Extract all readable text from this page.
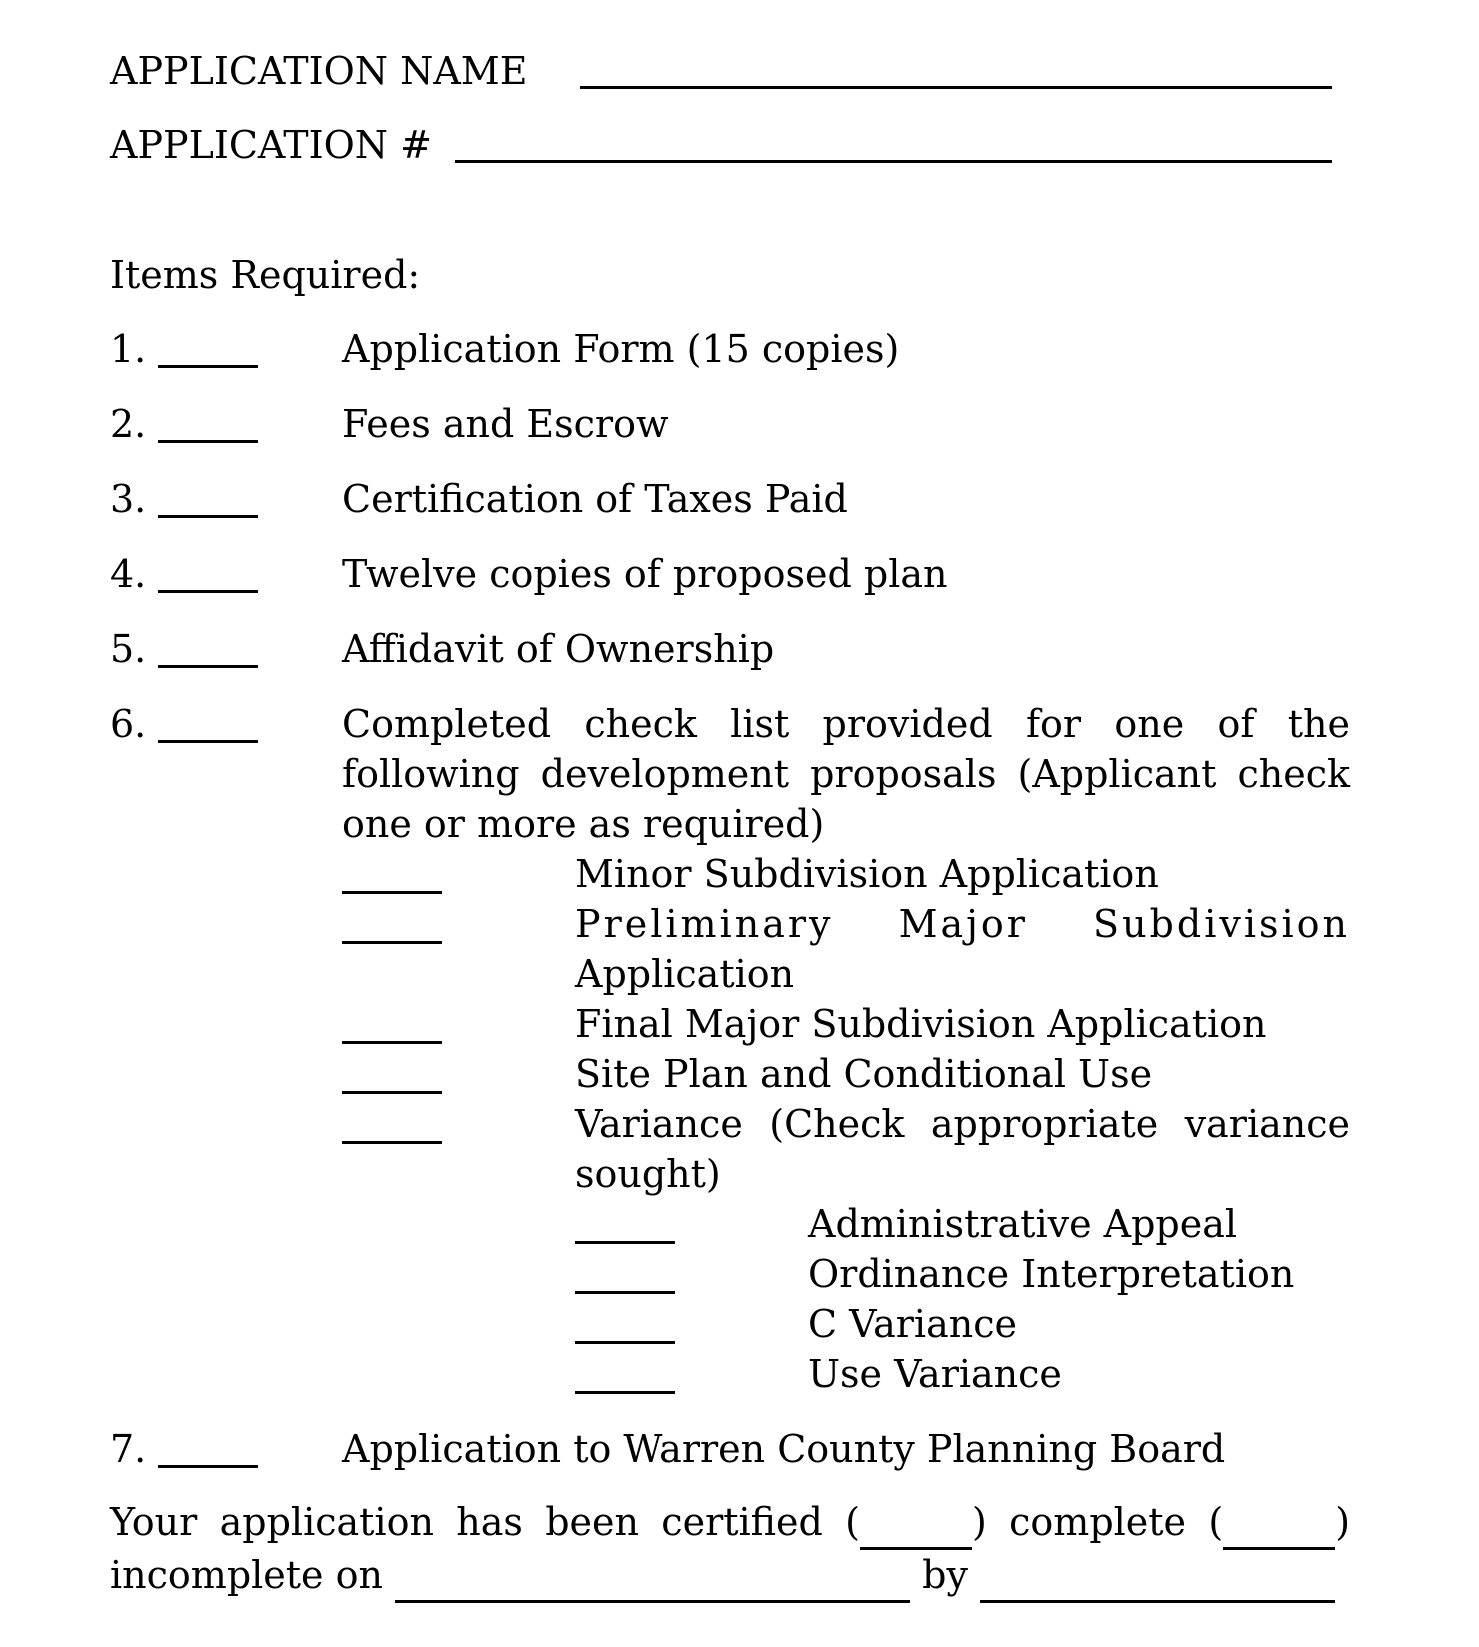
APPLICATION NAME
APPLICATION #
Items Required:
1.	Application Form (15 copies)
2.	Fees and Escrow
3.	Certification of Taxes Paid
4.	Twelve copies of proposed plan
5.	Affidavit of Ownership
6.	Completed check list provided for one of the
following development proposals (Applicant check
one or more as required)
Minor Subdivision Application
Preliminary Major Subdivision
Application
Final Major Subdivision Application
Site Plan and Conditional Use
Variance (Check appropriate variance
sought)
Administrative Appeal
Ordinance Interpretation
C Variance
Use Variance
7.	Application to Warren County Planning Board
Your application has been certified (	) complete (	)
incomplete on	by
